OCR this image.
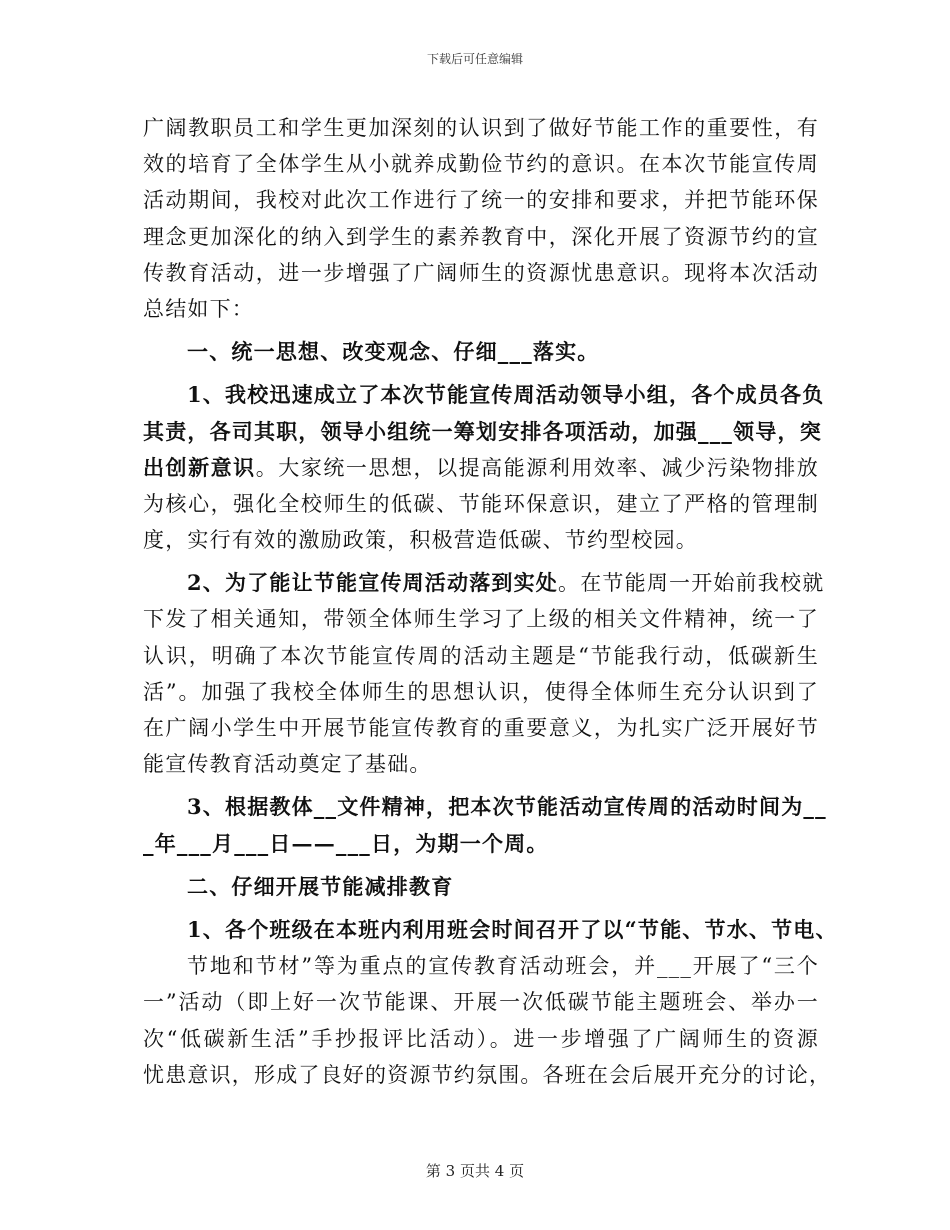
下载后可任意编辑
广阔教职员工和学生更加深刻的认识到了做好节能工作的重要性，有
效的培育了全体学生从小就养成勤俭节约的意识。在本次节能宣传周
活动期间，我校对此次工作进行了统一的安排和要求，并把节能环保
理念更加深化的纳入到学生的素养教育中，深化开展了资源节约的宣
传教育活动，进一步增强了广阔师生的资源忧患意识。现将本次活动
总结如下：
一、统一思想、改变观念、仔细___落实。
1、我校迅速成立了本次节能宣传周活动领导小组，各个成员各负
其责，各司其职，领导小组统一筹划安排各项活动，加强___领导，突
出创新意识。大家统一思想，以提高能源利用效率、减少污染物排放
为核心，强化全校师生的低碳、节能环保意识，建立了严格的管理制
度，实行有效的激励政策，积极营造低碳、节约型校园。
2、为了能让节能宣传周活动落到实处。在节能周一开始前我校就
下发了相关通知，带领全体师生学习了上级的相关文件精神，统一了
认识，明确了本次节能宣传周的活动主题是“节能我行动，低碳新生
活”。加强了我校全体师生的思想认识，使得全体师生充分认识到了
在广阔小学生中开展节能宣传教育的重要意义，为扎实广泛开展好节
能宣传教育活动奠定了基础。
3、根据教体__文件精神，把本次节能活动宣传周的活动时间为__
_年___月___日——___日，为期一个周。
二、仔细开展节能减排教育
1、各个班级在本班内利用班会时间召开了以“节能、节水、节电、
节地和节材”等为重点的宣传教育活动班会，并___开展了“三个
一”活动（即上好一次节能课、开展一次低碳节能主题班会、举办一
次“低碳新生活”手抄报评比活动）。进一步增强了广阔师生的资源
忧患意识，形成了良好的资源节约氛围。各班在会后展开充分的讨论，
第 3 页共 4 页
